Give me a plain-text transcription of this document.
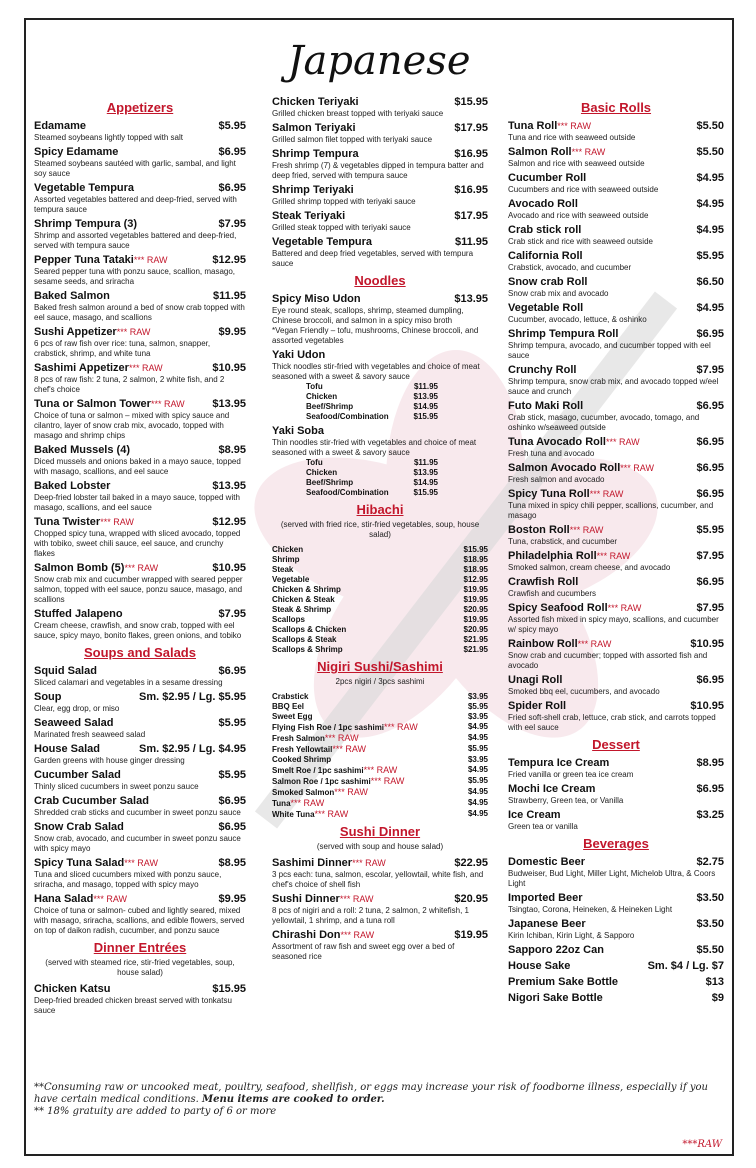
Japanese
Appetizers
Edamame	$5.95
Steamed soybeans lightly topped with salt
Spicy Edamame	$6.95
Steamed soybeans sautéed with garlic, sambal, and light soy sauce
Vegetable Tempura	$6.95
Assorted vegetables battered and deep-fried, served with tempura sauce
Shrimp Tempura (3)	$7.95
Shrimp and assorted vegetables battered and deep-fried, served with tempura sauce
Pepper Tuna Tataki*** RAW	$12.95
Seared pepper tuna with ponzu sauce, scallion, masago, sesame seeds, and sriracha
Baked Salmon	$11.95
Baked fresh salmon around a bed of snow crab topped with eel sauce, masago, and scallions
Sushi Appetizer*** RAW	$9.95
6 pcs of raw fish over rice: tuna, salmon, snapper, crabstick, shrimp, and white tuna
Sashimi Appetizer*** RAW	$10.95
8 pcs of raw fish: 2 tuna, 2 salmon, 2 white fish, and 2 chef's choice
Tuna or Salmon Tower*** RAW	$13.95
Choice of tuna or salmon – mixed with spicy sauce and cilantro, layer of snow crab mix, avocado, topped with masago and shrimp chips
Baked Mussels (4)	$8.95
Diced mussels and onions baked in a mayo sauce, topped with masago, scallions, and eel sauce
Baked Lobster	$13.95
Deep-fried lobster tail baked in a mayo sauce, topped with masago, scallions, and eel sauce
Tuna Twister*** RAW	$12.95
Chopped spicy tuna, wrapped with sliced avocado, topped with tobiko, sweet chili sauce, eel sauce, and crunchy flakes
Salmon Bomb (5)*** RAW	$10.95
Snow crab mix and cucumber wrapped with seared pepper salmon, topped with eel sauce, ponzu sauce, masago, and scallions
Stuffed Jalapeno	$7.95
Cream cheese, crawfish, and snow crab, topped with eel sauce, spicy mayo, bonito flakes, green onions, and tobiko
Soups and Salads
Squid Salad	$6.95
Sliced calamari and vegetables in a sesame dressing
Soup	Sm. $2.95 / Lg. $5.95
Clear, egg drop, or miso
Seaweed Salad	$5.95
Marinated fresh seaweed salad
House Salad	Sm. $2.95 / Lg. $4.95
Garden greens with house ginger dressing
Cucumber Salad	$5.95
Thinly sliced cucumbers in sweet ponzu sauce
Crab Cucumber Salad	$6.95
Shredded crab sticks and cucumber in sweet ponzu sauce
Snow Crab Salad	$6.95
Snow crab, avocado, and cucumber in sweet ponzu sauce with spicy mayo
Spicy Tuna Salad*** RAW	$8.95
Tuna and sliced cucumbers mixed with ponzu sauce, sriracha, and masago, topped with spicy mayo
Hana Salad*** RAW	$9.95
Choice of tuna or salmon- cubed and lightly seared, mixed with masago, sriracha, scallions, and edible flowers, served on top of daikon radish, cucumber, and ponzu sauce
Dinner Entrées
(served with steamed rice, stir-fried vegetables, soup, house salad)
Chicken Katsu	$15.95
Deep-fried breaded chicken breast served with tonkatsu sauce
Chicken Teriyaki	$15.95
Grilled chicken breast topped with teriyaki sauce
Salmon Teriyaki	$17.95
Grilled salmon filet topped with teriyaki sauce
Shrimp Tempura	$16.95
Fresh shrimp (7) & vegetables dipped in tempura batter and deep fried, served with tempura sauce
Shrimp Teriyaki	$16.95
Grilled shrimp topped with teriyaki sauce
Steak Teriyaki	$17.95
Grilled steak topped with teriyaki sauce
Vegetable Tempura	$11.95
Battered and deep fried vegetables, served with tempura sauce
Noodles
Spicy Miso Udon	$13.95
Eye round steak, scallops, shrimp, steamed dumpling, Chinese broccoli, and salmon in a spicy miso broth
*Vegan Friendly – tofu, mushrooms, Chinese broccoli, and assorted vegetables
Yaki Udon
Thick noodles stir-fried with vegetables and choice of meat seasoned with a sweet & savory sauce
Tofu	$11.95
Chicken	$13.95
Beef/Shrimp	$14.95
Seafood/Combination	$15.95
Yaki Soba
Thin noodles stir-fried with vegetables and choice of meat seasoned with a sweet & savory sauce
Tofu	$11.95
Chicken	$13.95
Beef/Shrimp	$14.95
Seafood/Combination	$15.95
Hibachi
(served with fried rice, stir-fried vegetables, soup, house salad)
Chicken	$15.95
Shrimp	$18.95
Steak	$18.95
Vegetable	$12.95
Chicken & Shrimp	$19.95
Chicken & Steak	$19.95
Steak & Shrimp	$20.95
Scallops	$19.95
Scallops & Chicken	$20.95
Scallops & Steak	$21.95
Scallops & Shrimp	$21.95
Nigiri Sushi/Sashimi
2pcs nigiri / 3pcs sashimi
Crabstick	$3.95
BBQ Eel	$5.95
Sweet Egg	$3.95
Flying Fish Roe / 1pc sashimi*** RAW	$4.95
Fresh Salmon*** RAW	$4.95
Fresh Yellowtail*** RAW	$5.95
Cooked Shrimp	$3.95
Smelt Roe / 1pc sashimi*** RAW	$4.95
Salmon Roe / 1pc sashimi*** RAW	$5.95
Smoked Salmon*** RAW	$4.95
Tuna*** RAW	$4.95
White Tuna*** RAW	$4.95
Sushi Dinner
(served with soup and house salad)
Sashimi Dinner*** RAW	$22.95
3 pcs each: tuna, salmon, escolar, yellowtail, white fish, and chef's choice of shell fish
Sushi Dinner*** RAW	$20.95
8 pcs of nigiri and a roll: 2 tuna, 2 salmon, 2 whitefish, 1 yellowtail, 1 shrimp, and a tuna roll
Chirashi Don*** RAW	$19.95
Assortment of raw fish and sweet egg over a bed of seasoned rice
Basic Rolls
Tuna Roll*** RAW	$5.50
Tuna and rice with seaweed outside
Salmon Roll*** RAW	$5.50
Salmon and rice with seaweed outside
Cucumber Roll	$4.95
Cucumbers and rice with seaweed outside
Avocado Roll	$4.95
Avocado and rice with seaweed outside
Crab stick roll	$4.95
Crab stick and rice with seaweed outside
California Roll	$5.95
Crabstick, avocado, and cucumber
Snow crab Roll	$6.50
Snow crab mix and avocado
Vegetable Roll	$4.95
Cucumber, avocado, lettuce, & oshinko
Shrimp Tempura Roll	$6.95
Shrimp tempura, avocado, and cucumber topped with eel sauce
Crunchy Roll	$7.95
Shrimp tempura, snow crab mix, and avocado topped w/eel sauce and crunch
Futo Maki Roll	$6.95
Crab stick, masago, cucumber, avocado, tomago, and oshinko w/seaweed outside
Tuna Avocado Roll*** RAW	$6.95
Fresh tuna and avocado
Salmon Avocado Roll*** RAW	$6.95
Fresh salmon and avocado
Spicy Tuna Roll*** RAW	$6.95
Tuna mixed in spicy chili pepper, scallions, cucumber, and masago
Boston Roll*** RAW	$5.95
Tuna, crabstick, and cucumber
Philadelphia Roll*** RAW	$7.95
Smoked salmon, cream cheese, and avocado
Crawfish Roll	$6.95
Crawfish and cucumbers
Spicy Seafood Roll*** RAW	$7.95
Assorted fish mixed in spicy mayo, scallions, and cucumber w/ spicy mayo
Rainbow Roll*** RAW	$10.95
Snow crab and cucumber; topped with assorted fish and avocado
Unagi Roll	$6.95
Smoked bbq eel, cucumbers, and avocado
Spider Roll	$10.95
Fried soft-shell crab, lettuce, crab stick, and carrots topped with eel sauce
Dessert
Tempura Ice Cream	$8.95
Fried vanilla or green tea ice cream
Mochi Ice Cream	$6.95
Strawberry, Green tea, or Vanilla
Ice Cream	$3.25
Green tea or vanilla
Beverages
Domestic Beer	$2.75
Budweiser, Bud Light, Miller Light, Michelob Ultra, & Coors Light
Imported Beer	$3.50
Tsingtao, Corona, Heineken, & Heineken Light
Japanese Beer	$3.50
Kirin Ichiban, Kirin Light, & Sapporo
Sapporo 22oz Can	$5.50
House Sake	Sm. $4 / Lg. $7
Premium Sake Bottle	$13
Nigori Sake Bottle	$9
**Consuming raw or uncooked meat, poultry, seafood, shellfish, or eggs may increase your risk of foodborne illness, especially if you have certain medical conditions. Menu items are cooked to order.
** 18% gratuity are added to party of 6 or more
***RAW
